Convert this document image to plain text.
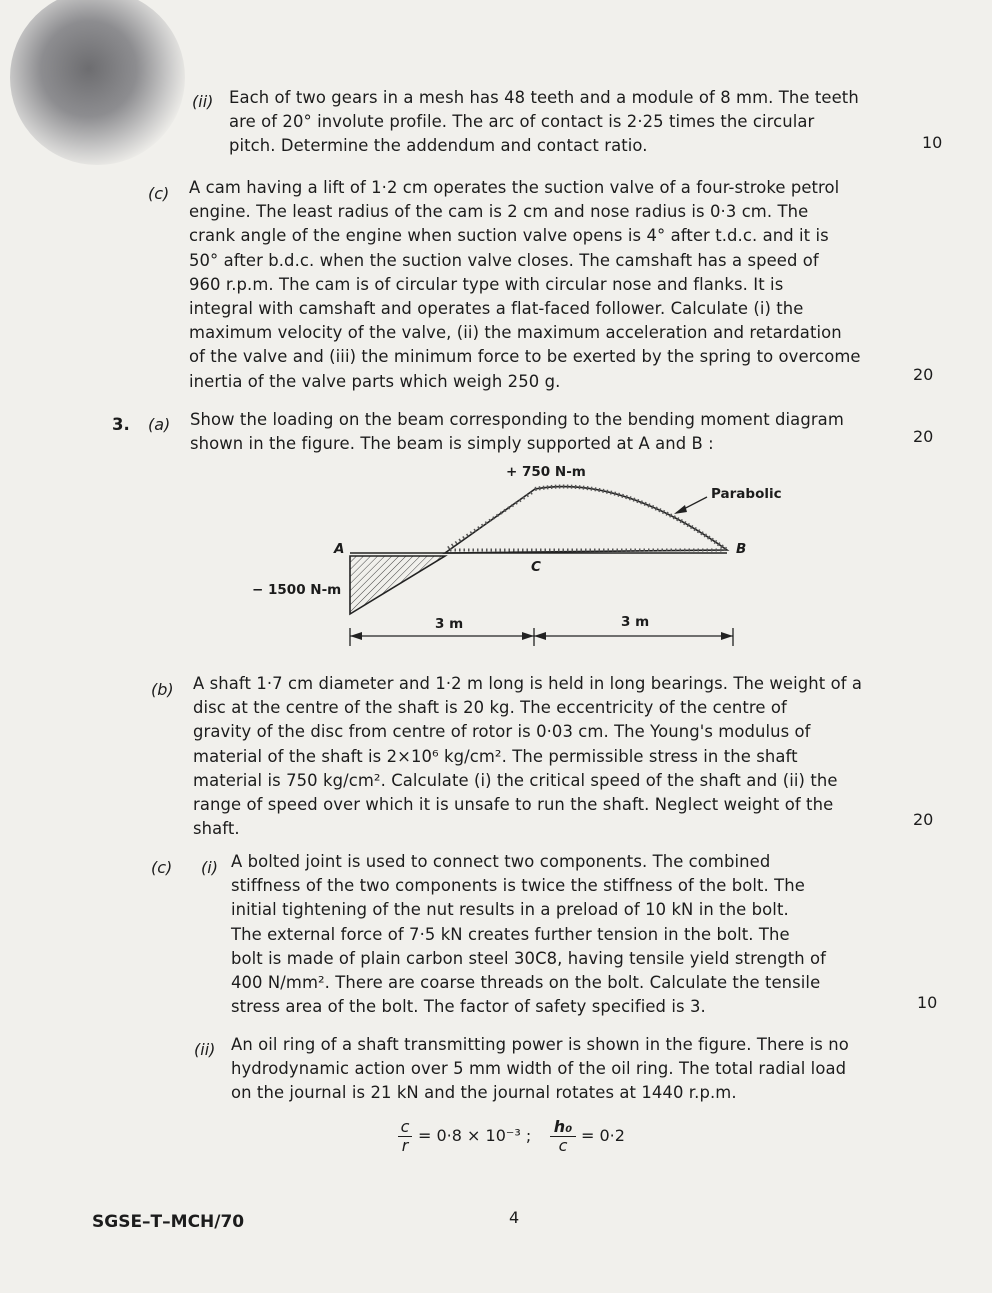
(ii) Each of two gears in a mesh has 48 teeth and a module of 8 mm. The teeth
are of 20° involute profile. The arc of contact is 2·25 times the circular
pitch. Determine the addendum and contact ratio.	10
(c) A cam having a lift of 1·2 cm operates the suction valve of a four-stroke petrol
engine. The least radius of the cam is 2 cm and nose radius is 0·3 cm. The
crank angle of the engine when suction valve opens is 4° after t.d.c. and it is
50° after b.d.c. when the suction valve closes. The camshaft has a speed of
960 r.p.m. The cam is of circular type with circular nose and flanks. It is
integral with camshaft and operates a flat-faced follower. Calculate (i) the
maximum velocity of the valve, (ii) the maximum acceleration and retardation
of the valve and (iii) the minimum force to be exerted by the spring to overcome
inertia of the valve parts which weigh 250 g.	20
3. (a) Show the loading on the beam corresponding to the bending moment diagram
shown in the figure. The beam is simply supported at A and B :	20
+ 750 N-m
Parabolic
A	B
C
− 1500 N-m
3 m	3 m
(b) A shaft 1·7 cm diameter and 1·2 m long is held in long bearings. The weight of a
disc at the centre of the shaft is 20 kg. The eccentricity of the centre of
gravity of the disc from centre of rotor is 0·03 cm. The Young's modulus of
material of the shaft is 2×10⁶ kg/cm². The permissible stress in the shaft
material is 750 kg/cm². Calculate (i) the critical speed of the shaft and (ii) the
range of speed over which it is unsafe to run the shaft. Neglect weight of the
shaft.	20
(c) (i) A bolted joint is used to connect two components. The combined
stiffness of the two components is twice the stiffness of the bolt. The
initial tightening of the nut results in a preload of 10 kN in the bolt.
The external force of 7·5 kN creates further tension in the bolt. The
bolt is made of plain carbon steel 30C8, having tensile yield strength of
400 N/mm². There are coarse threads on the bolt. Calculate the tensile
stress area of the bolt. The factor of safety specified is 3.	10
(ii) An oil ring of a shaft transmitting power is shown in the figure. There is no
hydrodynamic action over 5 mm width of the oil ring. The total radial load
on the journal is 21 kN and the journal rotates at 1440 r.p.m.
$\frac{c}{r} = 0\cdot 8 \times 10^{-3}$ ; $\frac{\text{h₀}}{c} = 0\cdot 2$
SGSE–T–MCH/70	4
